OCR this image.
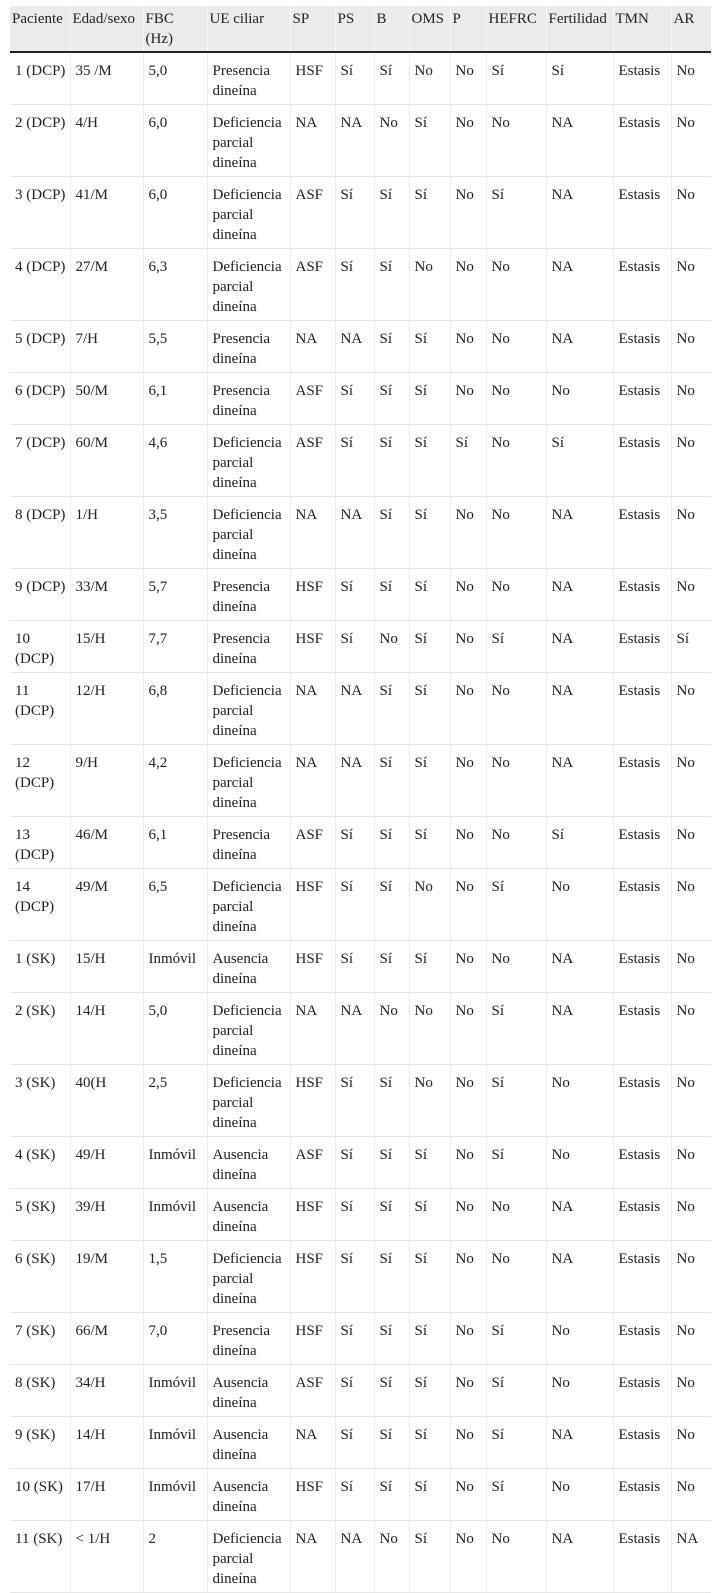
Paciente	Edad/sexo	FBC (Hz)	UE ciliar	SP	PS	B	OMS	P	HEFRC	Fertilidad	TMN	AR
1 (DCP)	35 /M	5,0	Presencia dineína	HSF	Sí	Sí	No	No	Sí	Sí	Estasis	No
2 (DCP)	4/H	6,0	Deficiencia parcial dineína	NA	NA	No	Sí	No	No	NA	Estasis	No
3 (DCP)	41/M	6,0	Deficiencia parcial dineína	ASF	Sí	Sí	Sí	No	Sí	NA	Estasis	No
4 (DCP)	27/M	6,3	Deficiencia parcial dineína	ASF	Sí	Sí	No	No	No	NA	Estasis	No
5 (DCP)	7/H	5,5	Presencia dineína	NA	NA	Sí	Sí	No	No	NA	Estasis	No
6 (DCP)	50/M	6,1	Presencia dineína	ASF	Sí	Sí	Sí	No	No	No	Estasis	No
7 (DCP)	60/M	4,6	Deficiencia parcial dineína	ASF	Sí	Sí	Sí	Sí	No	Sí	Estasis	No
8 (DCP)	1/H	3,5	Deficiencia parcial dineína	NA	NA	Sí	Sí	No	No	NA	Estasis	No
9 (DCP)	33/M	5,7	Presencia dineína	HSF	Sí	Sí	Sí	No	No	NA	Estasis	No
10 (DCP)	15/H	7,7	Presencia dineína	HSF	Sí	No	Sí	No	Sí	NA	Estasis	Sí
11 (DCP)	12/H	6,8	Deficiencia parcial dineína	NA	NA	Sí	Sí	No	No	NA	Estasis	No
12 (DCP)	9/H	4,2	Deficiencia parcial dineína	NA	NA	Sí	Sí	No	No	NA	Estasis	No
13 (DCP)	46/M	6,1	Presencia dineína	ASF	Sí	Sí	Sí	No	No	Sí	Estasis	No
14 (DCP)	49/M	6,5	Deficiencia parcial dineína	HSF	Sí	Sí	No	No	Sí	No	Estasis	No
1 (SK)	15/H	Inmóvil	Ausencia dineína	HSF	Sí	Sí	Sí	No	No	NA	Estasis	No
2 (SK)	14/H	5,0	Deficiencia parcial dineína	NA	NA	No	No	No	Sí	NA	Estasis	No
3 (SK)	40(H	2,5	Deficiencia parcial dineína	HSF	Sí	Sí	No	No	Sí	No	Estasis	No
4 (SK)	49/H	Inmóvil	Ausencia dineína	ASF	Sí	Sí	Sí	No	Sí	No	Estasis	No
5 (SK)	39/H	Inmóvil	Ausencia dineína	HSF	Sí	Sí	Sí	No	No	NA	Estasis	No
6 (SK)	19/M	1,5	Deficiencia parcial dineína	HSF	Sí	Sí	Sí	No	No	NA	Estasis	No
7 (SK)	66/M	7,0	Presencia dineína	HSF	Sí	Sí	Sí	No	Sí	No	Estasis	No
8 (SK)	34/H	Inmóvil	Ausencia dineína	ASF	Sí	Sí	Sí	No	Sí	No	Estasis	No
9 (SK)	14/H	Inmóvil	Ausencia dineína	NA	Sí	Sí	Sí	No	Sí	NA	Estasis	No
10 (SK)	17/H	Inmóvil	Ausencia dineína	HSF	Sí	Sí	Sí	No	Sí	No	Estasis	No
11 (SK)	< 1/H	2	Deficiencia parcial dineína	NA	NA	No	Sí	No	No	NA	Estasis	NA
